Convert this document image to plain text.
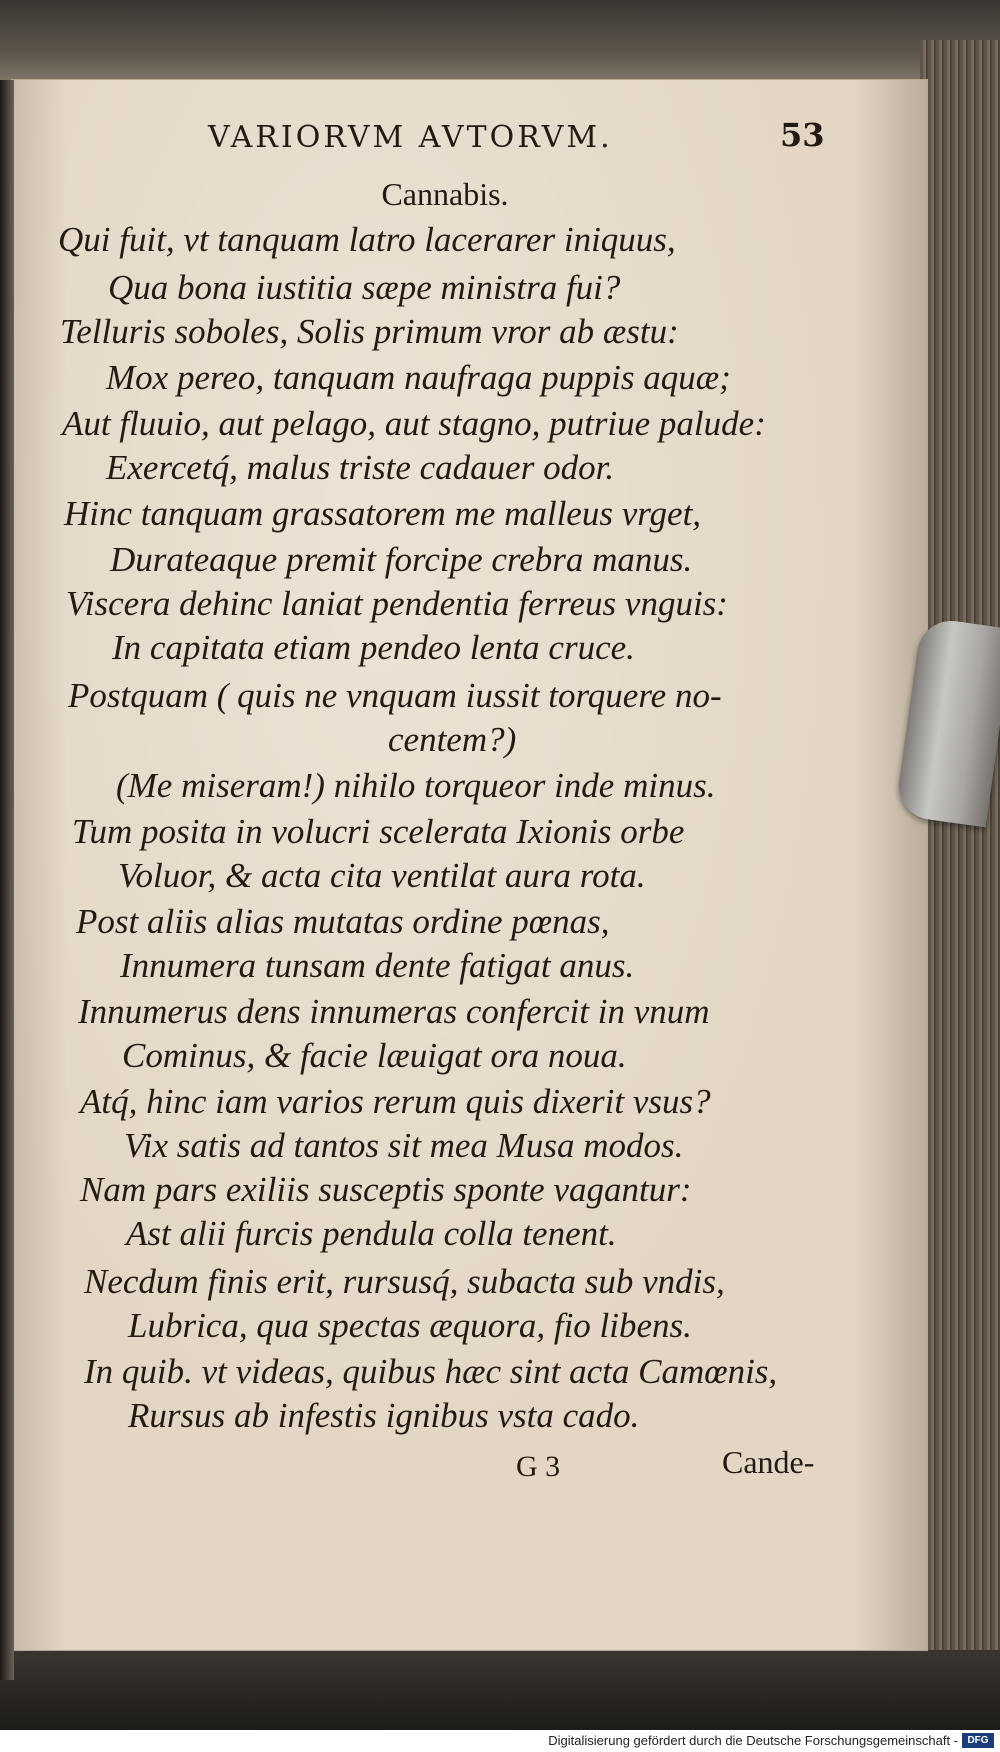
VARIORVM AVTORVM.	53
Cannabis.
Qui fuit, vt tanquam latro lacerarer iniquus,
Qua bona iustitia sæpe ministra fui?
Telluris soboles, Solis primum vror ab æstu:
Mox pereo, tanquam naufraga puppis aquæ;
Aut fluuio, aut pelago, aut stagno, putriue palude:
Exercetq́, malus triste cadauer odor.
Hinc tanquam grassatorem me malleus vrget,
Durateaque premit forcipe crebra manus.
Viscera dehinc laniat pendentia ferreus vnguis:
In capitata etiam pendeo lenta cruce.
Postquam ( quis ne vnquam iussit torquere no-
centem?)
(Me miseram!) nihilo torqueor inde minus.
Tum posita in volucri scelerata Ixionis orbe
Voluor, & acta cita ventilat aura rota.
Post aliis alias mutatas ordine pœnas,
Innumera tunsam dente fatigat anus.
Innumerus dens innumeras confercit in vnum
Cominus, & facie læuigat ora noua.
Atq́, hinc iam varios rerum quis dixerit vsus?
Vix satis ad tantos sit mea Musa modos.
Nam pars exiliis susceptis sponte vagantur:
Ast alii furcis pendula colla tenent.
Necdum finis erit, rursusq́, subacta sub vndis,
Lubrica, qua spectas æquora, fio libens.
In quib. vt videas, quibus hæc sint acta Camœnis,
Rursus ab infestis ignibus vsta cado.
G 3	Cande-
Digitalisierung gefördert durch die Deutsche Forschungsgemeinschaft - DFG
